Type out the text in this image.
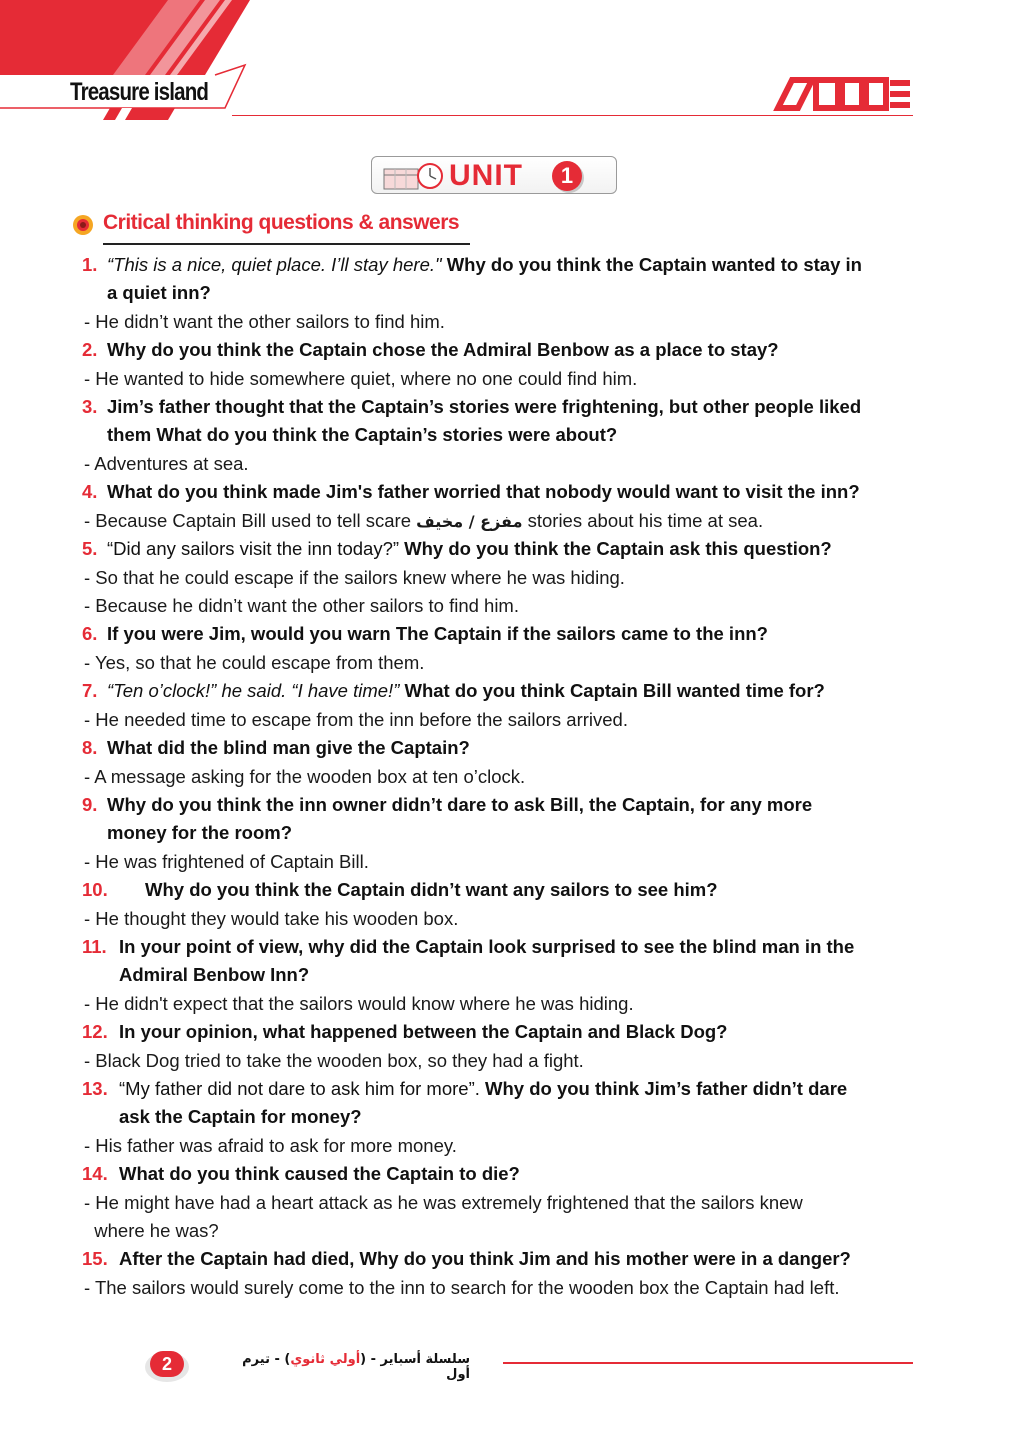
Treasure island
UNIT	1
Critical thinking questions & answers
1. “This is a nice, quiet place. I’ll stay here." Why do you think the Captain wanted to stay in
a quiet inn?
- He didn’t want the other sailors to find him.
2. Why do you think the Captain chose the Admiral Benbow as a place to stay?
- He wanted to hide somewhere quiet, where no one could find him.
3. Jim’s father thought that the Captain’s stories were frightening, but other people liked
them What do you think the Captain’s stories were about?
- Adventures at sea.
4. What do you think made Jim's father worried that nobody would want to visit the inn?
- Because Captain Bill used to tell scare مفزع / مخيف stories about his time at sea.
5. “Did any sailors visit the inn today?” Why do you think the Captain ask this question?
- So that he could escape if the sailors knew where he was hiding.
- Because he didn’t want the other sailors to find him.
6. If you were Jim, would you warn The Captain if the sailors came to the inn?
- Yes, so that he could escape from them.
7. “Ten o’clock!” he said. “I have time!” What do you think Captain Bill wanted time for?
- He needed time to escape from the inn before the sailors arrived.
8. What did the blind man give the Captain?
- A message asking for the wooden box at ten o’clock.
9. Why do you think the inn owner didn’t dare to ask Bill, the Captain, for any more
money for the room?
- He was frightened of Captain Bill.
10. Why do you think the Captain didn’t want any sailors to see him?
- He thought they would take his wooden box.
11. In your point of view, why did the Captain look surprised to see the blind man in the
Admiral Benbow Inn?
- He didn't expect that the sailors would know where he was hiding.
12. In your opinion, what happened between the Captain and Black Dog?
- Black Dog tried to take the wooden box, so they had a fight.
13. “My father did not dare to ask him for more”. Why do you think Jim’s father didn’t dare
ask the Captain for money?
- His father was afraid to ask for more money.
14. What do you think caused the Captain to die?
- He might have had a heart attack as he was extremely frightened that the sailors knew
where he was?
15. After the Captain had died, Why do you think Jim and his mother were in a danger?
- The sailors would surely come to the inn to search for the wooden box the Captain had left.
2	سلسلة أسباير - (أولي ثانوي) - تيرم أول
